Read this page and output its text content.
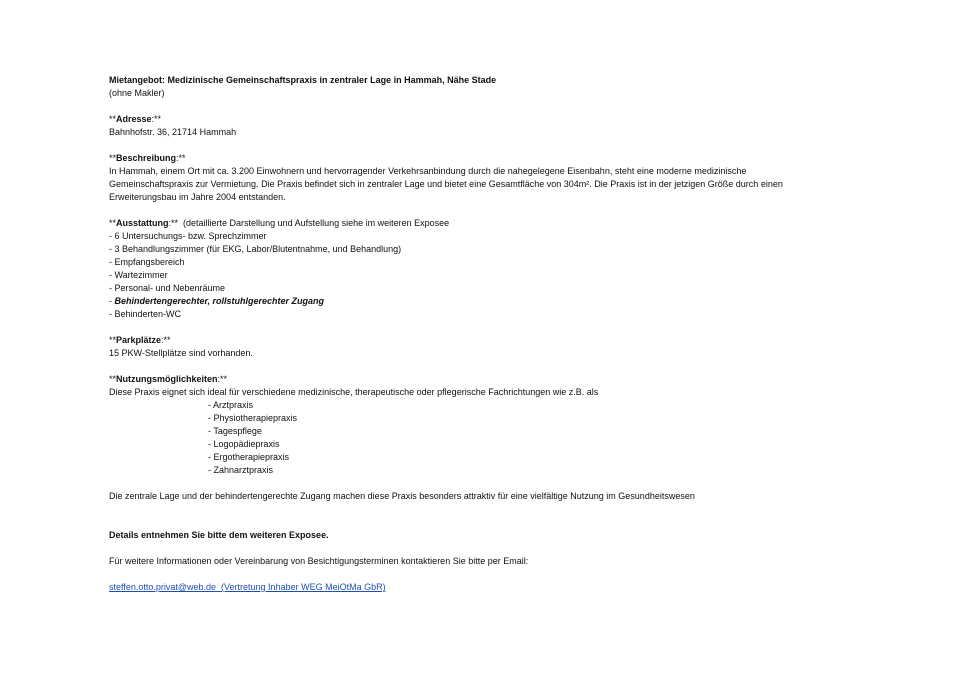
Mietangebot: Medizinische Gemeinschaftspraxis in zentraler Lage in Hammah, Nähe Stade
(ohne Makler)
**Adresse:**
Bahnhofstr. 36, 21714 Hammah
**Beschreibung:**
In Hammah, einem Ort mit ca. 3.200 Einwohnern und hervorragender Verkehrsanbindung durch die nahegelegene Eisenbahn, steht eine moderne medizinische Gemeinschaftspraxis zur Vermietung. Die Praxis befindet sich in zentraler Lage und bietet eine Gesamtfläche von 304m². Die Praxis ist in der jetzigen Größe durch einen Erweiterungsbau im Jahre 2004 entstanden.
**Ausstattung:**  (detaillierte Darstellung und Aufstellung siehe im weiteren Exposee
- 6 Untersuchungs- bzw. Sprechzimmer
- 3 Behandlungszimmer (für EKG, Labor/Blutentnahme, und Behandlung)
- Empfangsbereich
- Wartezimmer
- Personal- und Nebenräume
- Behindertengerechter, rollstuhlgerechter Zugang
- Behinderten-WC
**Parkplätze:**
15 PKW-Stellplätze sind vorhanden.
**Nutzungsmöglichkeiten:**
Diese Praxis eignet sich ideal für verschiedene medizinische, therapeutische oder pflegerische Fachrichtungen wie z.B. als
- Arztpraxis
- Physiotherapiepraxis
- Tagespflege
- Logopädiepraxis
- Ergotherapiepraxis
- Zahnarztpraxis
Die zentrale Lage und der behindertengerechte Zugang machen diese Praxis besonders attraktiv für eine vielfältige Nutzung im Gesundheitswesen
Details entnehmen Sie bitte dem weiteren Exposee.
Für weitere Informationen oder Vereinbarung von Besichtigungsterminen kontaktieren Sie bitte per Email:
steffen.otto.privat@web.de  (Vertretung Inhaber WEG MeiOtMa GbR)
